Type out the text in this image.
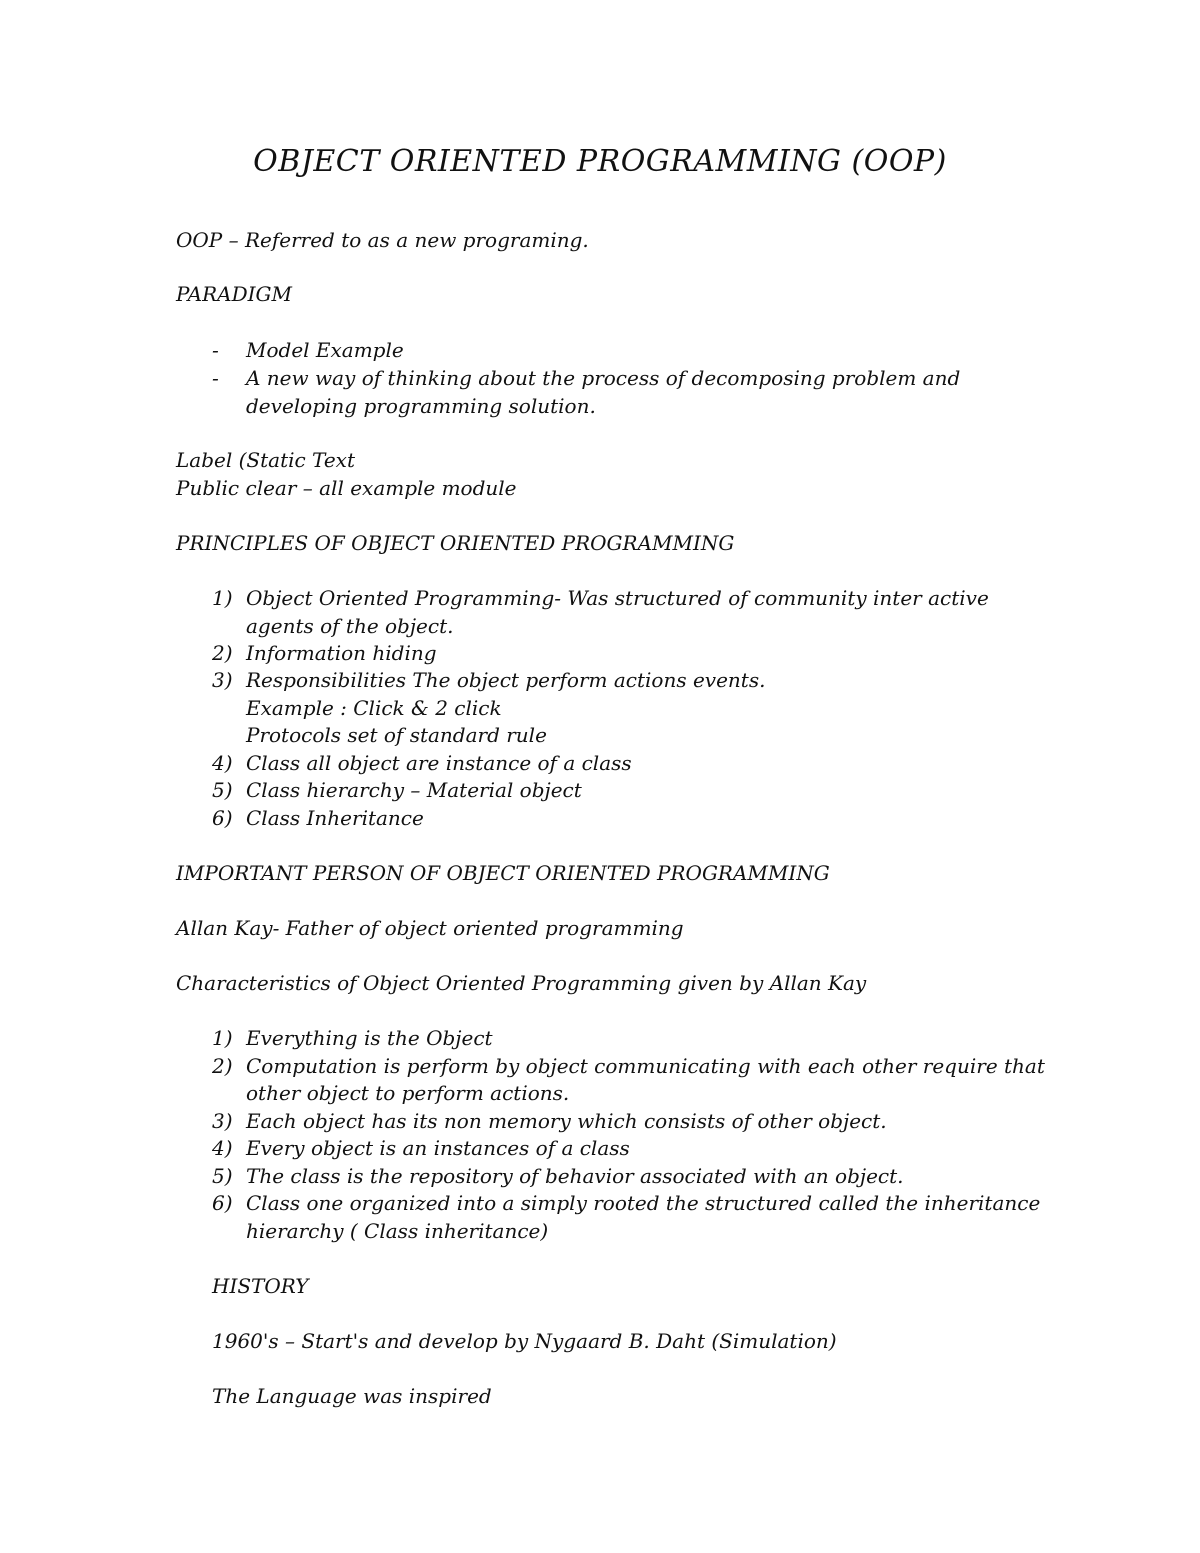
OBJECT ORIENTED PROGRAMMING (OOP)
OOP – Referred to as a new programing.
PARADIGM
- Model Example
- A new way of thinking about the process of decomposing problem and
developing programming solution.
Label (Static Text
Public clear – all example module
PRINCIPLES OF OBJECT ORIENTED PROGRAMMING
1) Object Oriented Programming- Was structured of community inter active
agents of the object.
2) Information hiding
3) Responsibilities The object perform actions events.
Example : Click & 2 click
Protocols set of standard rule
4) Class all object are instance of a class
5) Class hierarchy – Material object
6) Class Inheritance
IMPORTANT PERSON OF OBJECT ORIENTED PROGRAMMING
Allan Kay- Father of object oriented programming
Characteristics of Object Oriented Programming given by Allan Kay
1) Everything is the Object
2) Computation is perform by object communicating with each other require that
other object to perform actions.
3) Each object has its non memory which consists of other object.
4) Every object is an instances of a class
5) The class is the repository of behavior associated with an object.
6) Class one organized into a simply rooted the structured called the inheritance
hierarchy ( Class inheritance)
HISTORY
1960's – Start's and develop by Nygaard B. Daht (Simulation)
The Language was inspired
